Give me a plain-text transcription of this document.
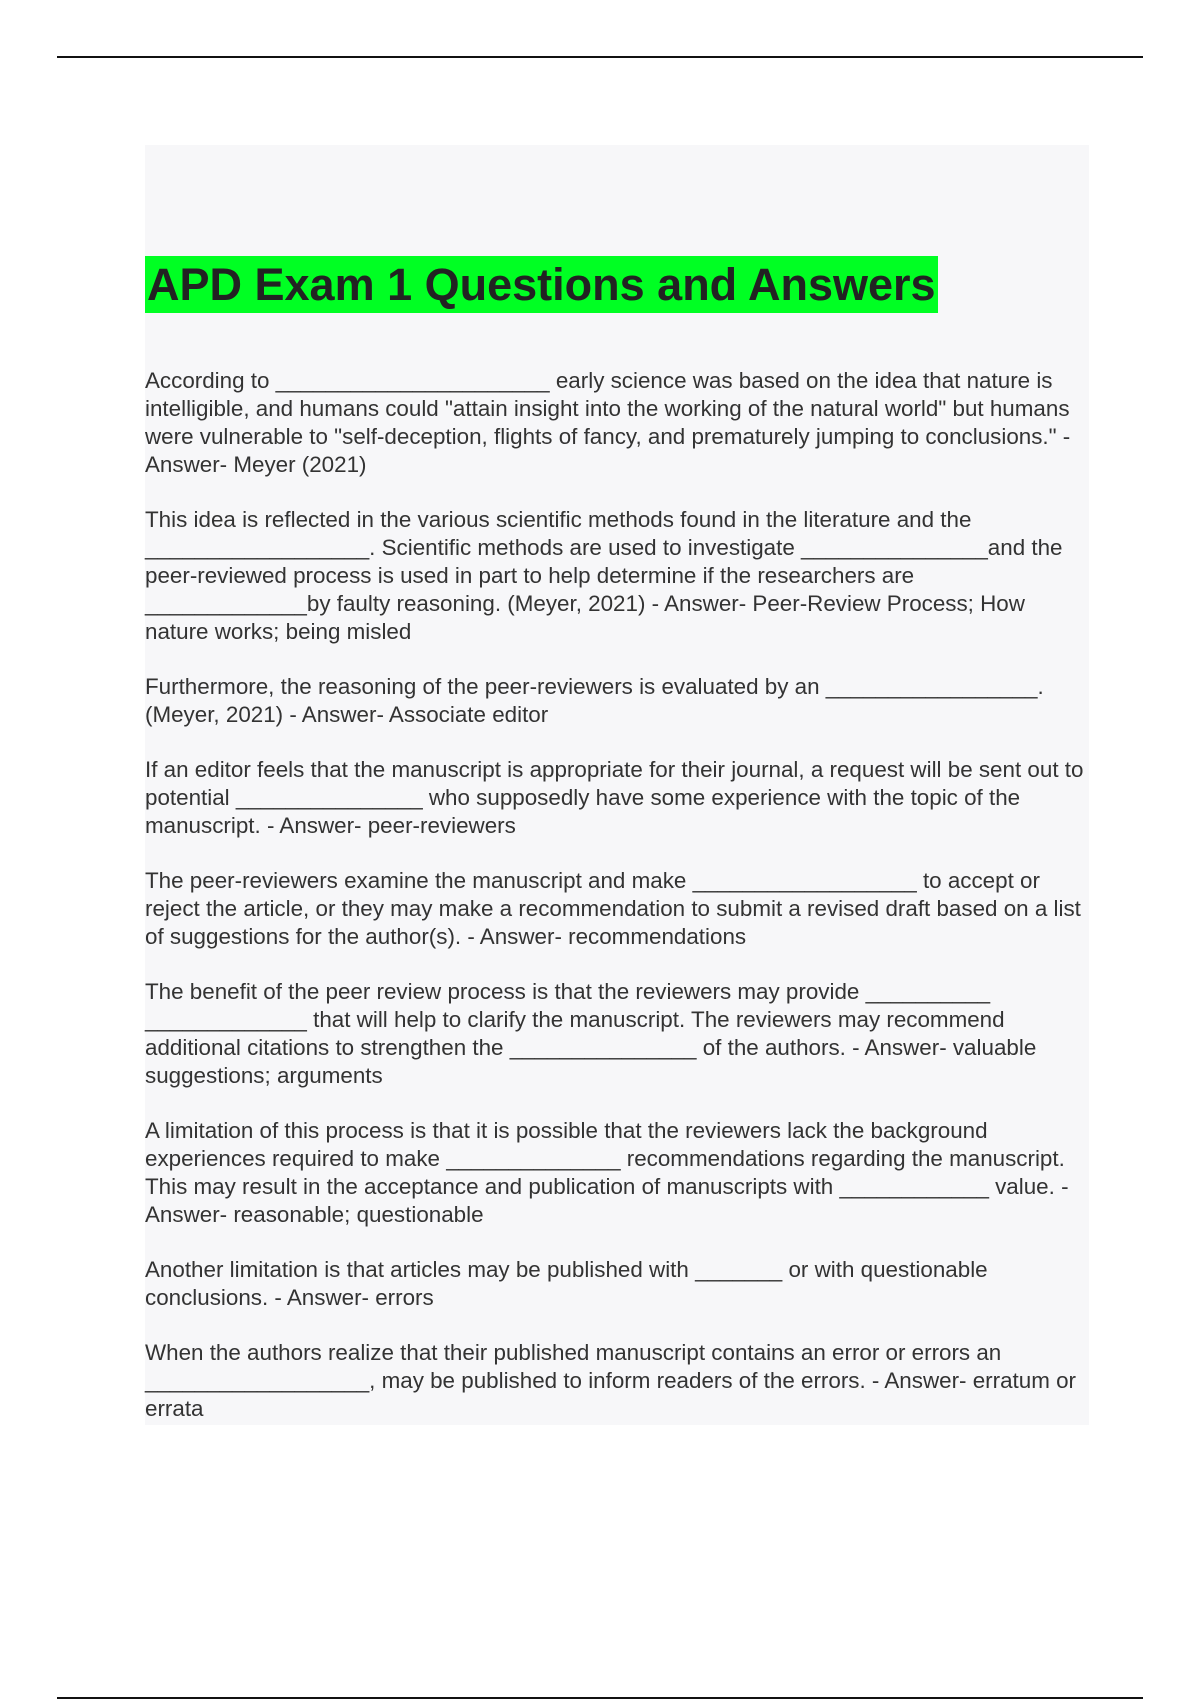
APD Exam 1 Questions and Answers

According to ______________________ early science was based on the idea that nature is intelligible, and humans could "attain insight into the working of the natural world" but humans were vulnerable to "self-deception, flights of fancy, and prematurely jumping to conclusions." - Answer- Meyer (2021)

This idea is reflected in the various scientific methods found in the literature and the __________________. Scientific methods are used to investigate _______________and the peer-reviewed process is used in part to help determine if the researchers are _____________by faulty reasoning. (Meyer, 2021) - Answer- Peer-Review Process; How nature works; being misled

Furthermore, the reasoning of the peer-reviewers is evaluated by an _________________. (Meyer, 2021) - Answer- Associate editor

If an editor feels that the manuscript is appropriate for their journal, a request will be sent out to potential _______________ who supposedly have some experience with the topic of the manuscript. - Answer- peer-reviewers

The peer-reviewers examine the manuscript and make __________________ to accept or reject the article, or they may make a recommendation to submit a revised draft based on a list of suggestions for the author(s). - Answer- recommendations

The benefit of the peer review process is that the reviewers may provide __________ _____________ that will help to clarify the manuscript. The reviewers may recommend additional citations to strengthen the _______________ of the authors. - Answer- valuable suggestions; arguments

A limitation of this process is that it is possible that the reviewers lack the background experiences required to make ______________ recommendations regarding the manuscript. This may result in the acceptance and publication of manuscripts with ____________ value. - Answer- reasonable; questionable

Another limitation is that articles may be published with _______ or with questionable conclusions. - Answer- errors

When the authors realize that their published manuscript contains an error or errors an __________________, may be published to inform readers of the errors. - Answer- erratum or errata
